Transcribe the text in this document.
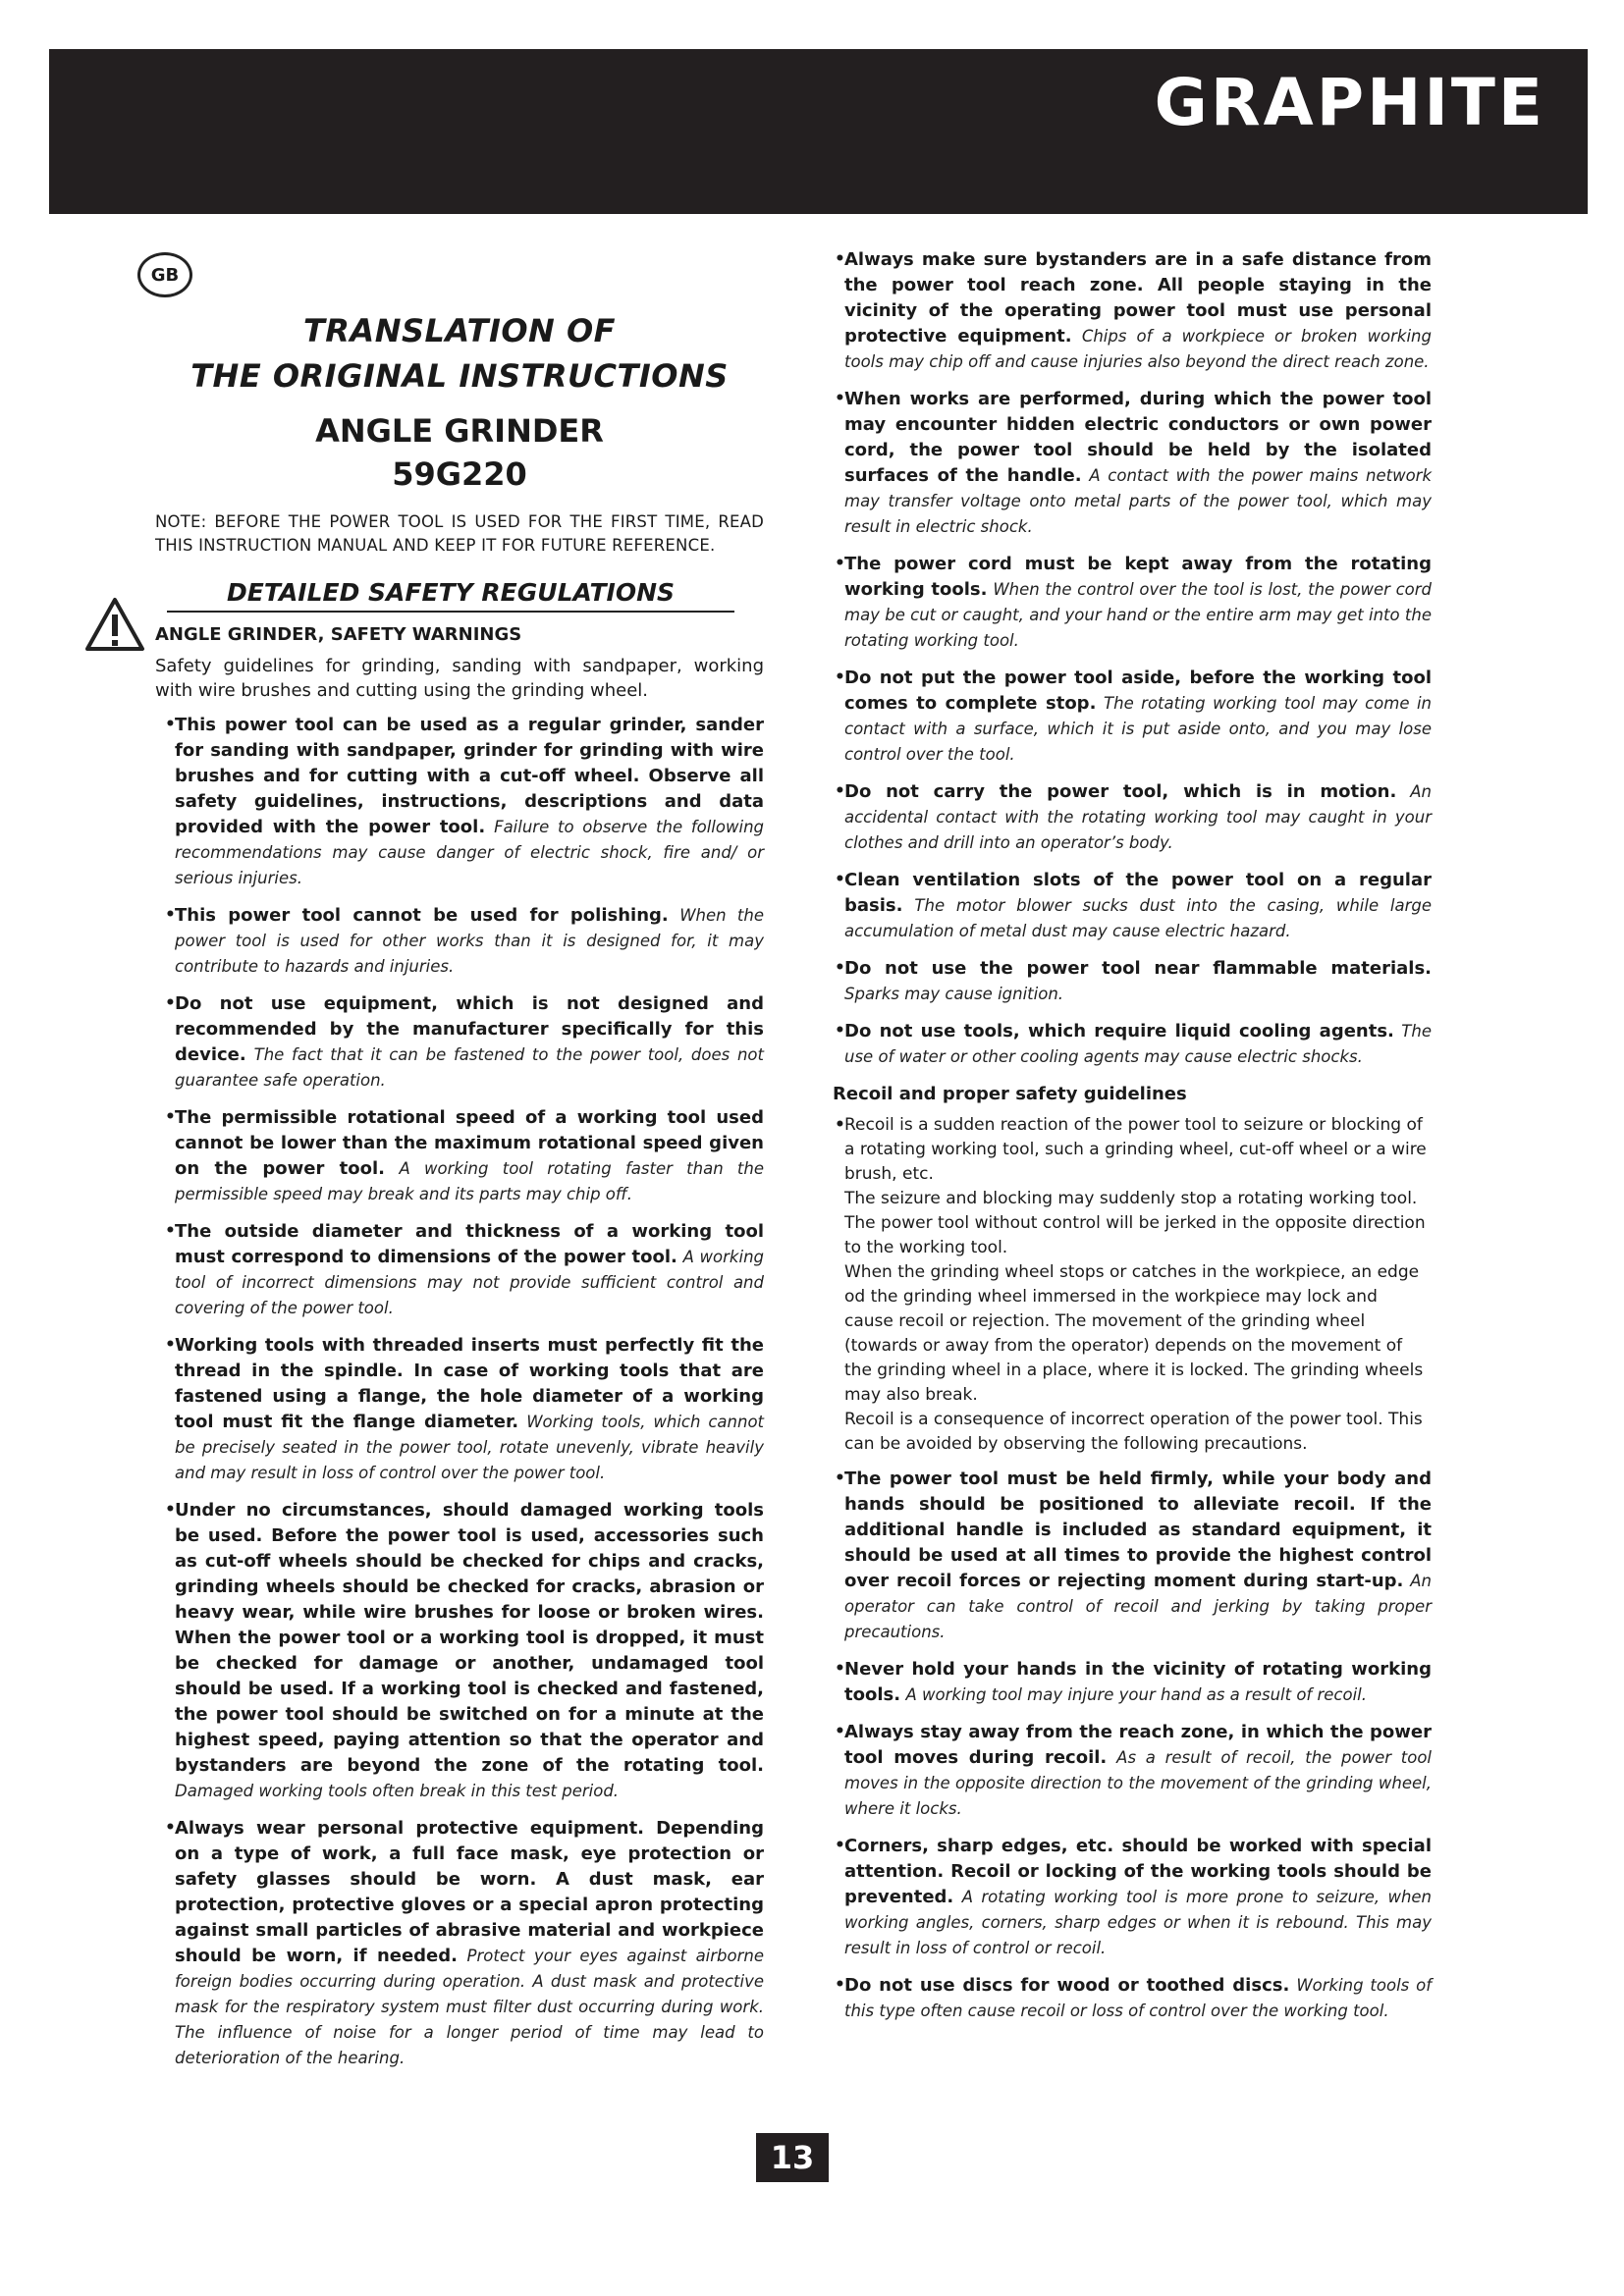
GRAPHITE
GB
TRANSLATION OF
THE ORIGINAL INSTRUCTIONS
ANGLE GRINDER
59G220
NOTE: BEFORE THE POWER TOOL IS USED FOR THE FIRST TIME, READ THIS INSTRUCTION MANUAL AND KEEP IT FOR FUTURE REFERENCE.
DETAILED SAFETY REGULATIONS
ANGLE GRINDER, SAFETY WARNINGS
Safety guidelines for grinding, sanding with sandpaper, working with wire brushes and cutting using the grinding wheel.
• This power tool can be used as a regular grinder, sander for sanding with sandpaper, grinder for grinding with wire brushes and for cutting with a cut-off wheel. Observe all safety guidelines, instructions, descriptions and data provided with the power tool. Failure to observe the following recommendations may cause danger of electric shock, fire and/ or serious injuries.
• This power tool cannot be used for polishing. When the power tool is used for other works than it is designed for, it may contribute to hazards and injuries.
• Do not use equipment, which is not designed and recommended by the manufacturer specifically for this device. The fact that it can be fastened to the power tool, does not guarantee safe operation.
• The permissible rotational speed of a working tool used cannot be lower than the maximum rotational speed given on the power tool. A working tool rotating faster than the permissible speed may break and its parts may chip off.
• The outside diameter and thickness of a working tool must correspond to dimensions of the power tool. A working tool of incorrect dimensions may not provide sufficient control and covering of the power tool.
• Working tools with threaded inserts must perfectly fit the thread in the spindle. In case of working tools that are fastened using a flange, the hole diameter of a working tool must fit the flange diameter. Working tools, which cannot be precisely seated in the power tool, rotate unevenly, vibrate heavily and may result in loss of control over the power tool.
• Under no circumstances, should damaged working tools be used. Before the power tool is used, accessories such as cut-off wheels should be checked for chips and cracks, grinding wheels should be checked for cracks, abrasion or heavy wear, while wire brushes for loose or broken wires. When the power tool or a working tool is dropped, it must be checked for damage or another, undamaged tool should be used. If a working tool is checked and fastened, the power tool should be switched on for a minute at the highest speed, paying attention so that the operator and bystanders are beyond the zone of the rotating tool. Damaged working tools often break in this test period.
• Always wear personal protective equipment. Depending on a type of work, a full face mask, eye protection or safety glasses should be worn. A dust mask, ear protection, protective gloves or a special apron protecting against small particles of abrasive material and workpiece should be worn, if needed. Protect your eyes against airborne foreign bodies occurring during operation. A dust mask and protective mask for the respiratory system must filter dust occurring during work. The influence of noise for a longer period of time may lead to deterioration of the hearing.
• Always make sure bystanders are in a safe distance from the power tool reach zone. All people staying in the vicinity of the operating power tool must use personal protective equipment. Chips of a workpiece or broken working tools may chip off and cause injuries also beyond the direct reach zone.
• When works are performed, during which the power tool may encounter hidden electric conductors or own power cord, the power tool should be held by the isolated surfaces of the handle. A contact with the power mains network may transfer voltage onto metal parts of the power tool, which may result in electric shock.
• The power cord must be kept away from the rotating working tools. When the control over the tool is lost, the power cord may be cut or caught, and your hand or the entire arm may get into the rotating working tool.
• Do not put the power tool aside, before the working tool comes to complete stop. The rotating working tool may come in contact with a surface, which it is put aside onto, and you may lose control over the tool.
• Do not carry the power tool, which is in motion. An accidental contact with the rotating working tool may caught in your clothes and drill into an operator’s body.
• Clean ventilation slots of the power tool on a regular basis. The motor blower sucks dust into the casing, while large accumulation of metal dust may cause electric hazard.
• Do not use the power tool near flammable materials. Sparks may cause ignition.
• Do not use tools, which require liquid cooling agents. The use of water or other cooling agents may cause electric shocks.
Recoil and proper safety guidelines

Recoil is a sudden reaction of the power tool to seizure or blocking of a rotating working tool, such a grinding wheel, cut-off wheel or a wire brush, etc.

The seizure and blocking may suddenly stop a rotating working tool. The power tool without control will be jerked in the opposite direction to the working tool.

When the grinding wheel stops or catches in the workpiece, an edge od the grinding wheel immersed in the workpiece may lock and cause recoil or rejection. The movement of the grinding wheel (towards or away from the operator) depends on the movement of the grinding wheel in a place, where it is locked. The grinding wheels may also break.

Recoil is a consequence of incorrect operation of the power tool. This can be avoided by observing the following precautions.

• The power tool must be held firmly, while your body and hands should be positioned to alleviate recoil. If the additional handle is included as standard equipment, it should be used at all times to provide the highest control over recoil forces or rejecting moment during start-up. An operator can take control of recoil and jerking by taking proper precautions.
• Never hold your hands in the vicinity of rotating working tools. A working tool may injure your hand as a result of recoil.
• Always stay away from the reach zone, in which the power tool moves during recoil. As a result of recoil, the power tool moves in the opposite direction to the movement of the grinding wheel, where it locks.
• Corners, sharp edges, etc. should be worked with special attention. Recoil or locking of the working tools should be prevented. A rotating working tool is more prone to seizure, when working angles, corners, sharp edges or when it is rebound. This may result in loss of control or recoil.
• Do not use discs for wood or toothed discs. Working tools of this type often cause recoil or loss of control over the working tool.
13
